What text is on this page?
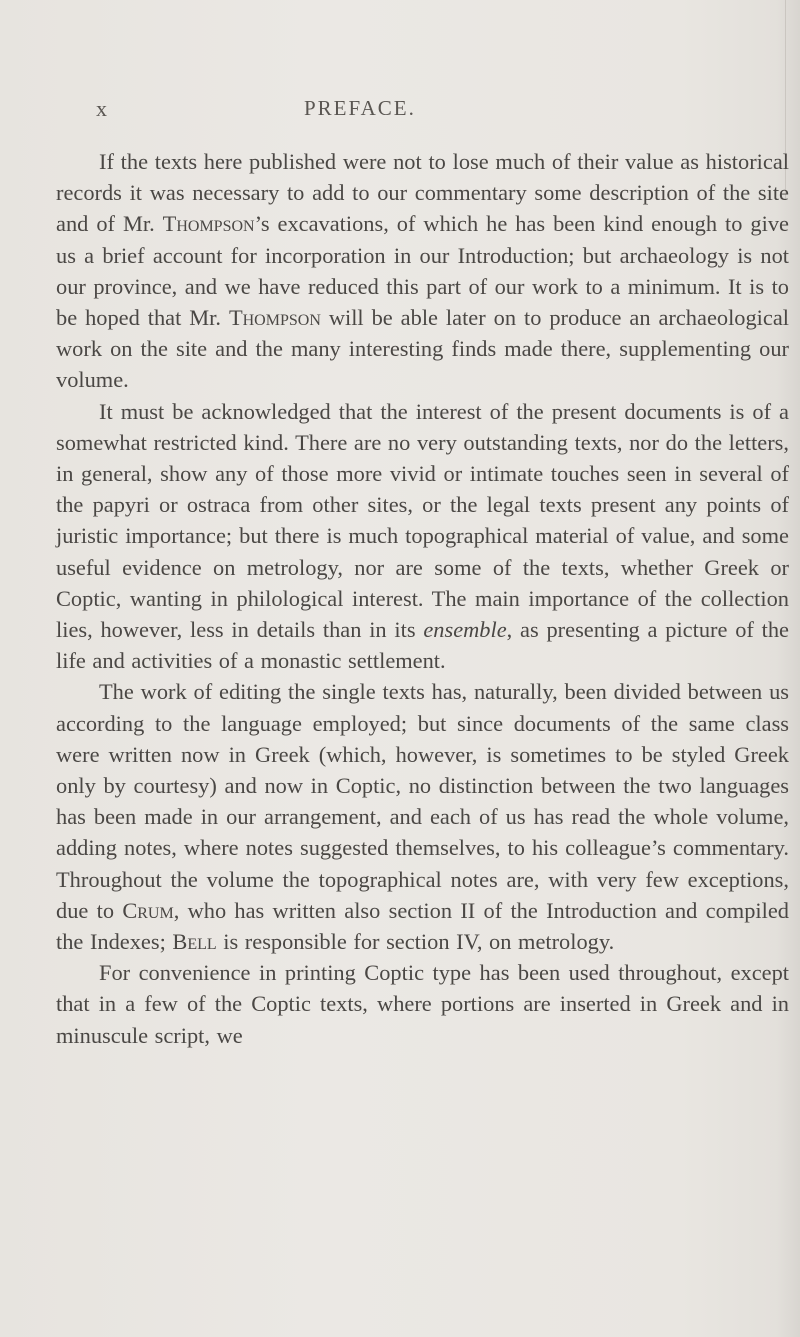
x	PREFACE.

If the texts here published were not to lose much of their value as historical records it was necessary to add to our commentary some description of the site and of Mr. Thompson’s excavations, of which he has been kind enough to give us a brief account for incorporation in our Introduction; but archaeology is not our province, and we have reduced this part of our work to a minimum. It is to be hoped that Mr. Thompson will be able later on to produce an archaeological work on the site and the many interesting finds made there, supplementing our volume.

It must be acknowledged that the interest of the present documents is of a somewhat restricted kind. There are no very outstanding texts, nor do the letters, in general, show any of those more vivid or intimate touches seen in several of the papyri or ostraca from other sites, or the legal texts present any points of juristic importance; but there is much topographical material of value, and some useful evidence on metrology, nor are some of the texts, whether Greek or Coptic, wanting in philological interest. The main importance of the collection lies, however, less in details than in its ensemble, as presenting a picture of the life and activities of a monastic settlement.

The work of editing the single texts has, naturally, been divided between us according to the language employed; but since documents of the same class were written now in Greek (which, however, is sometimes to be styled Greek only by courtesy) and now in Coptic, no distinction between the two languages has been made in our arrangement, and each of us has read the whole volume, adding notes, where notes suggested themselves, to his colleague’s commentary. Throughout the volume the topographical notes are, with very few exceptions, due to Crum, who has written also section II of the Introduction and compiled the Indexes; Bell is responsible for section IV, on metrology.

For convenience in printing Coptic type has been used throughout, except that in a few of the Coptic texts, where portions are inserted in Greek and in minuscule script, we
